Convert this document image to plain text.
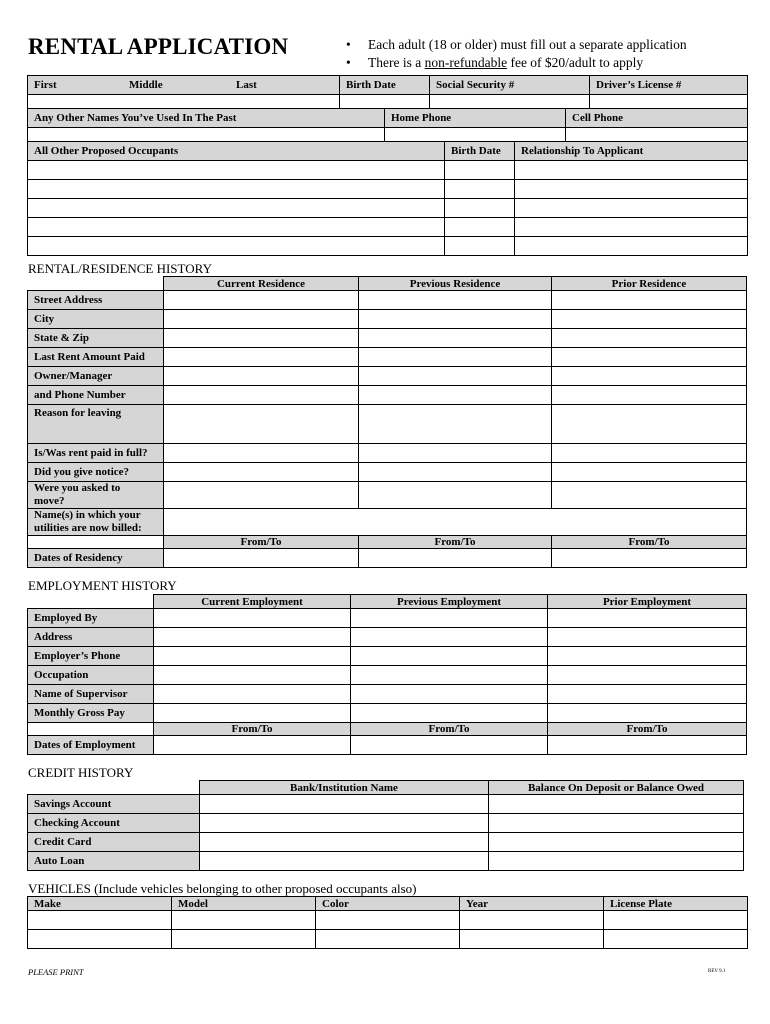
RENTAL APPLICATION	•	Each adult (18 or older) must fill out a separate application
•	There is a non-refundable fee of $20/adult to apply
First Middle Last	Birth Date	Social Security #	Driver’s License #

Any Other Names You’ve Used In The Past	Home Phone	Cell Phone

All Other Proposed Occupants	Birth Date	Relationship To Applicant

RENTAL/RESIDENCE HISTORY
	Current Residence	Previous Residence	Prior Residence
Street Address			
City			
State & Zip			
Last Rent Amount Paid			
Owner/Manager			
and Phone Number			
Reason for leaving			
Is/Was rent paid in full?			
Did you give notice?			

Were you asked to
move?			

Name(s) in which your
utilities are now billed:			

	From/To	From/To	From/To
Dates of Residency			
EMPLOYMENT HISTORY
	Current Employment	Previous Employment	Prior Employment
Employed By			
Address			
Employer’s Phone			
Occupation			
Name of Supervisor			
Monthly Gross Pay			
	From/To	From/To	From/To
Dates of Employment			
CREDIT HISTORY
	Bank/Institution Name	Balance On Deposit or Balance Owed
Savings Account		
Checking Account		
Credit Card		
Auto Loan		
VEHICLES (Include vehicles belonging to other proposed occupants also)
Make	Model	Color	Year	License Plate

PLEASE PRINT	REV 9.1
